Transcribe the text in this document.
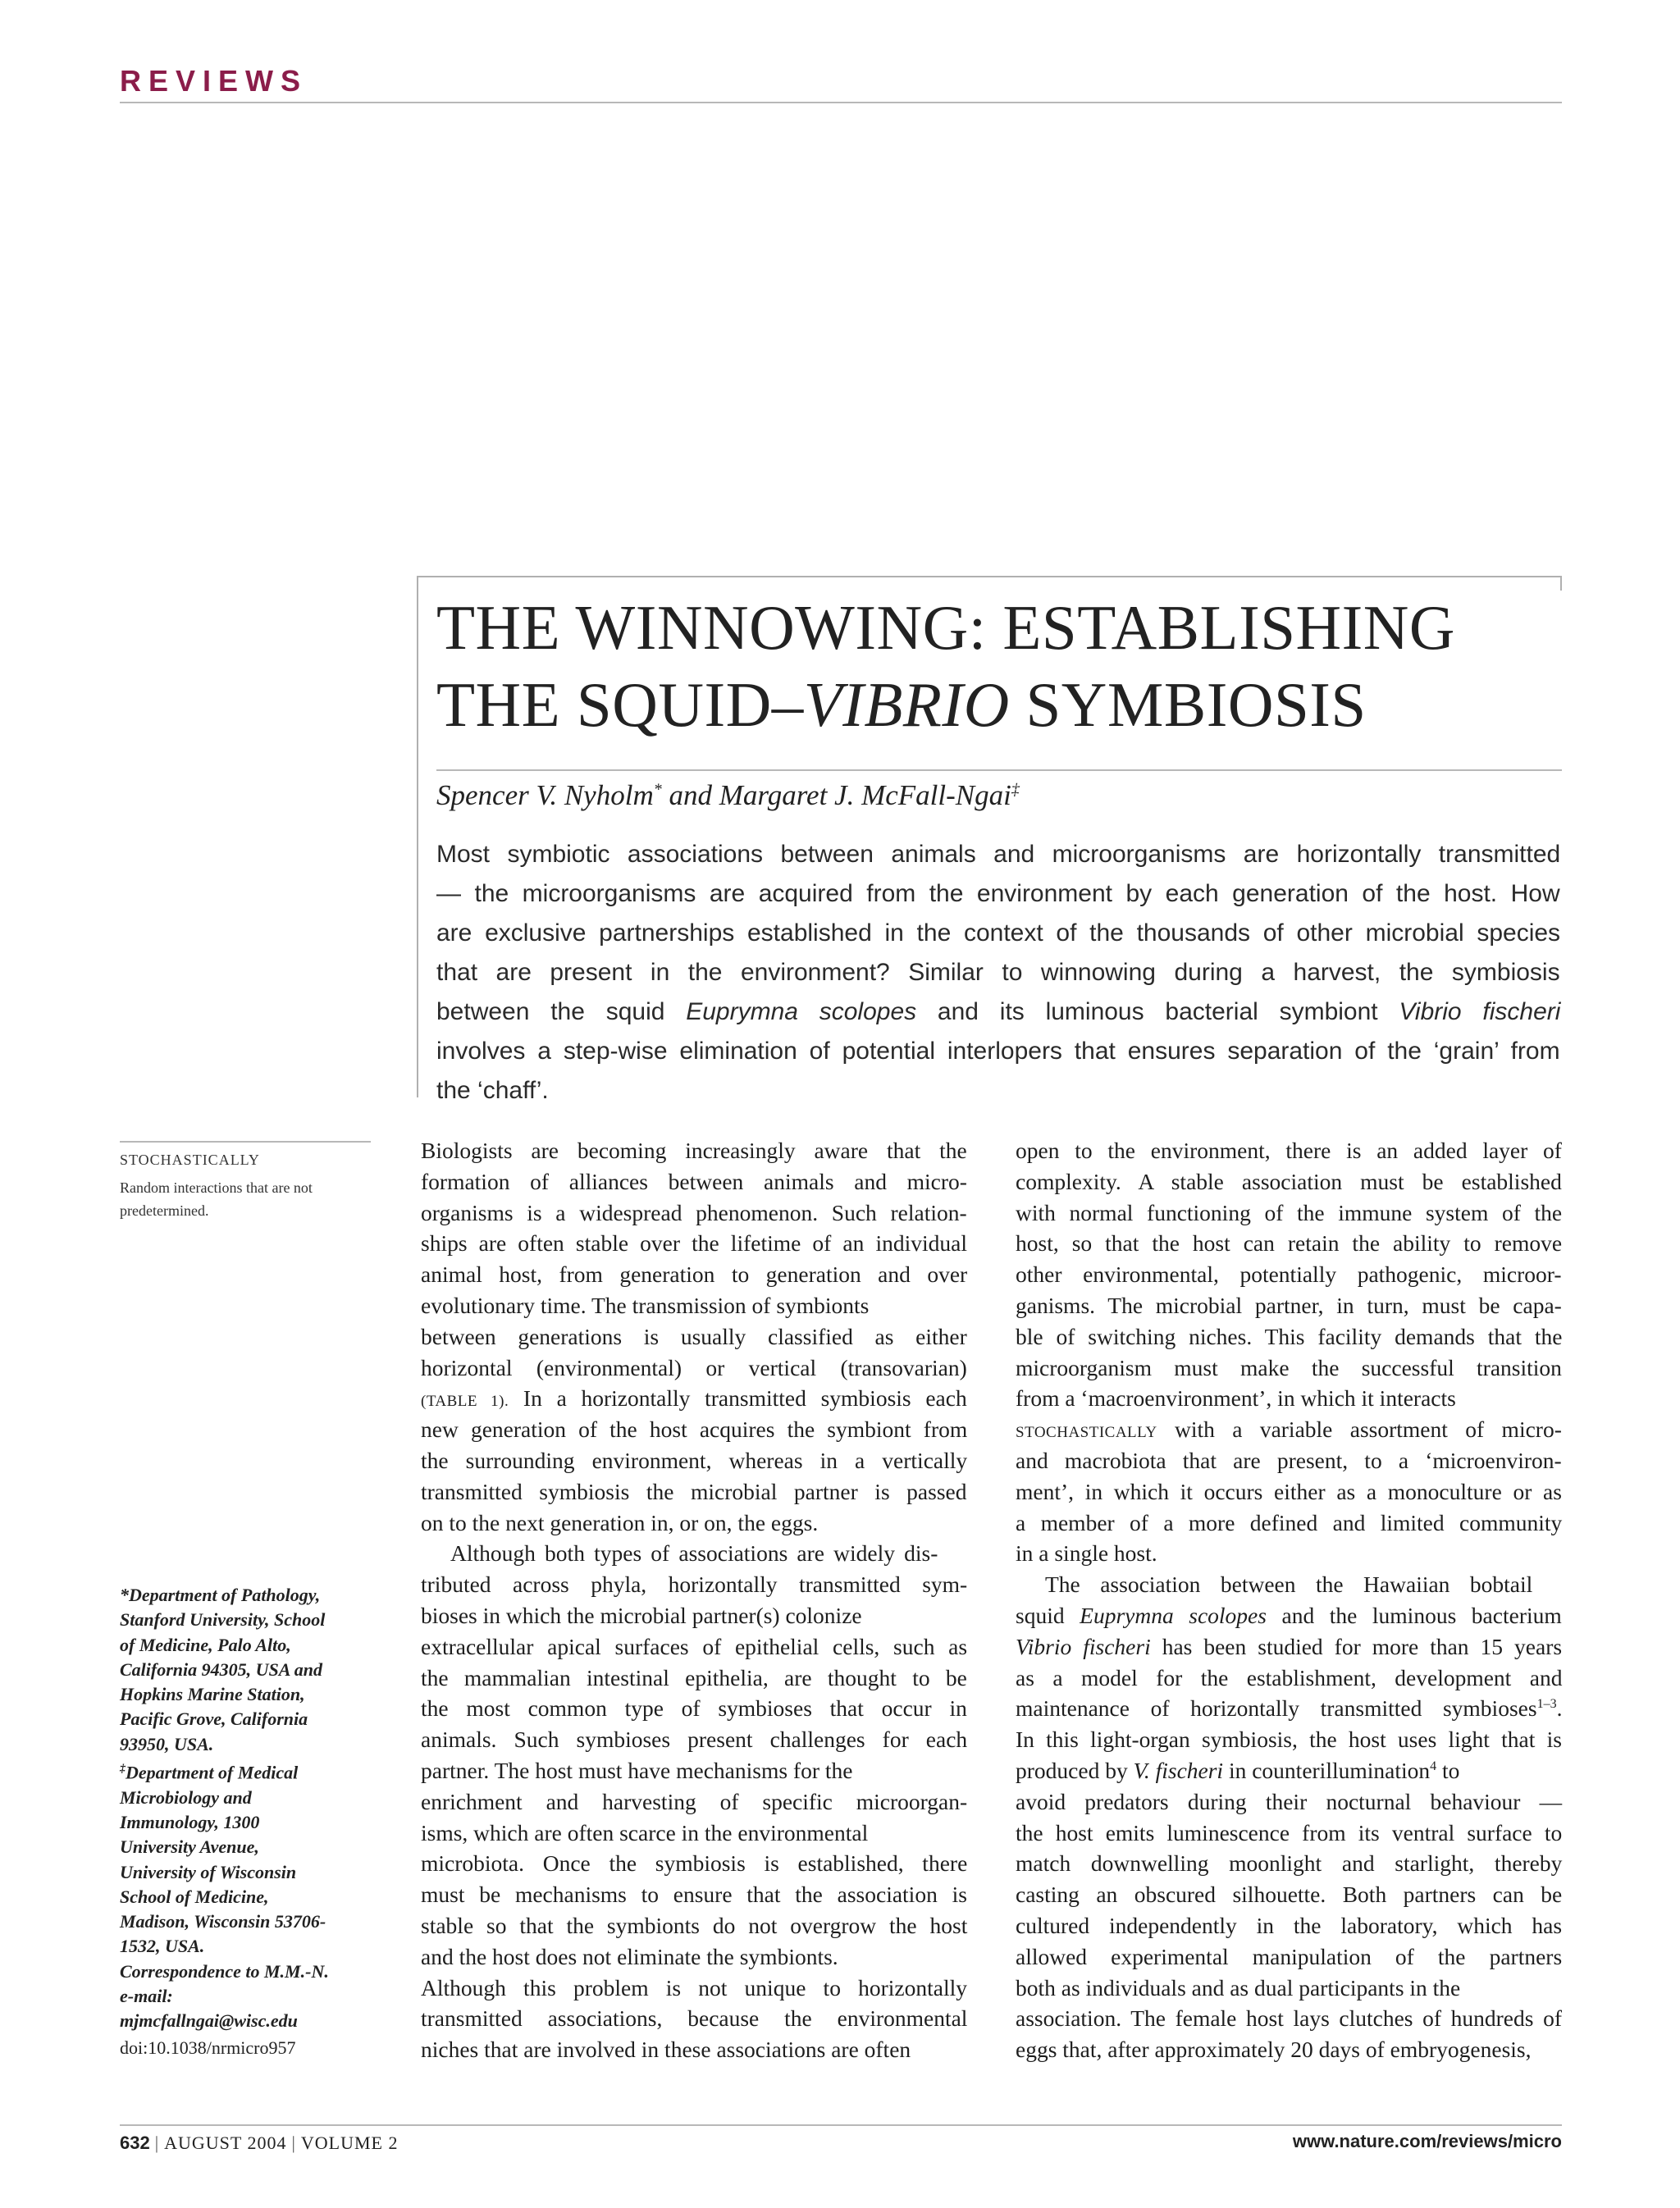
REVIEWS
THE WINNOWING: ESTABLISHING
THE SQUID–VIBRIO SYMBIOSIS
Spencer V. Nyholm* and Margaret J. McFall-Ngai‡
Most symbiotic associations between animals and microorganisms are horizontally transmitted
— the microorganisms are acquired from the environment by each generation of the host. How
are exclusive partnerships established in the context of the thousands of other microbial species
that are present in the environment? Similar to winnowing during a harvest, the symbiosis
between the squid Euprymna scolopes and its luminous bacterial symbiont Vibrio fischeri
involves a step-wise elimination of potential interlopers that ensures separation of the ‘grain’ from
the ‘chaff’.
STOCHASTICALLY
Random interactions that are not
predetermined.
*Department of Pathology,
Stanford University, School
of Medicine, Palo Alto,
California 94305, USA and
Hopkins Marine Station,
Pacific Grove, California
93950, USA.
‡Department of Medical
Microbiology and
Immunology, 1300
University Avenue,
University of Wisconsin
School of Medicine,
Madison, Wisconsin 53706-
1532, USA.
Correspondence to M.M.-N.
e-mail:
mjmcfallngai@wisc.edu
doi:10.1038/nrmicro957
Biologists are becoming increasingly aware that the
formation of alliances between animals and micro-
organisms is a widespread phenomenon. Such relation-
ships are often stable over the lifetime of an individual
animal host, from generation to generation and over
evolutionary time. The transmission of symbionts
between generations is usually classified as either
horizontal (environmental) or vertical (transovarian)
(TABLE 1). In a horizontally transmitted symbiosis each
new generation of the host acquires the symbiont from
the surrounding environment, whereas in a vertically
transmitted symbiosis the microbial partner is passed
on to the next generation in, or on, the eggs.
Although both types of associations are widely dis-
tributed across phyla, horizontally transmitted sym-
bioses in which the microbial partner(s) colonize
extracellular apical surfaces of epithelial cells, such as
the mammalian intestinal epithelia, are thought to be
the most common type of symbioses that occur in
animals. Such symbioses present challenges for each
partner. The host must have mechanisms for the
enrichment and harvesting of specific microorgan-
isms, which are often scarce in the environmental
microbiota. Once the symbiosis is established, there
must be mechanisms to ensure that the association is
stable so that the symbionts do not overgrow the host
and the host does not eliminate the symbionts.
Although this problem is not unique to horizontally
transmitted associations, because the environmental
niches that are involved in these associations are often
open to the environment, there is an added layer of
complexity. A stable association must be established
with normal functioning of the immune system of the
host, so that the host can retain the ability to remove
other environmental, potentially pathogenic, microor-
ganisms. The microbial partner, in turn, must be capa-
ble of switching niches. This facility demands that the
microorganism must make the successful transition
from a ‘macroenvironment’, in which it interacts
STOCHASTICALLY with a variable assortment of micro-
and macrobiota that are present, to a ‘microenviron-
ment’, in which it occurs either as a monoculture or as
a member of a more defined and limited community
in a single host.
The association between the Hawaiian bobtail
squid Euprymna scolopes and the luminous bacterium
Vibrio fischeri has been studied for more than 15 years
as a model for the establishment, development and
maintenance of horizontally transmitted symbioses$^{1-3}$.
In this light-organ symbiosis, the host uses light that is
produced by V. fischeri in counterillumination$^4$ to
avoid predators during their nocturnal behaviour —
the host emits luminescence from its ventral surface to
match downwelling moonlight and starlight, thereby
casting an obscured silhouette. Both partners can be
cultured independently in the laboratory, which has
allowed experimental manipulation of the partners
both as individuals and as dual participants in the
association. The female host lays clutches of hundreds of
eggs that, after approximately 20 days of embryogenesis,
632 | AUGUST 2004 | VOLUME 2	www.nature.com/reviews/micro
